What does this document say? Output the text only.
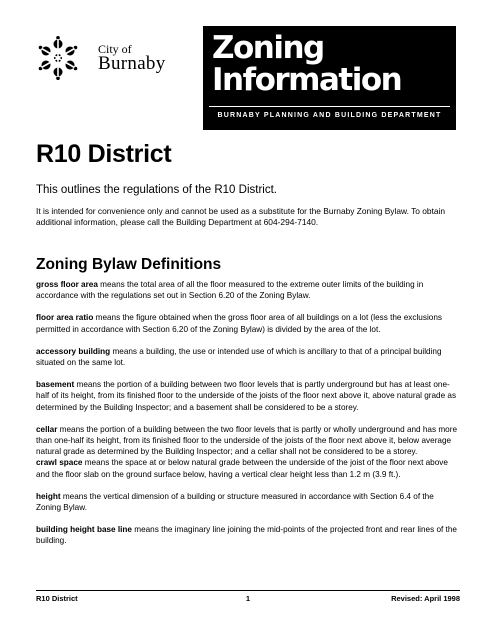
City of
Burnaby Zoning
Information
BURNABY PLANNING AND BUILDING DEPARTMENT
R10 District

This outlines the regulations of the R10 District.

It is intended for convenience only and cannot be used as a substitute for the Burnaby Zoning Bylaw. To obtain additional information, please call the Building Department at 604-294-7140.

Zoning Bylaw Definitions

gross floor area means the total area of all the floor measured to the extreme outer limits of the building in accordance with the regulations set out in Section 6.20 of the Zoning Bylaw.

floor area ratio means the figure obtained when the gross floor area of all buildings on a lot (less the exclusions permitted in accordance with Section 6.20 of the Zoning Bylaw) is divided by the area of the lot.

accessory building means a building, the use or intended use of which is ancillary to that of a principal building situated on the same lot.

basement means the portion of a building between two floor levels that is partly underground but has at least one-half of its height, from its finished floor to the underside of the joists of the floor next above it, above natural grade as determined by the Building Inspector; and a basement shall be considered to be a storey.

cellar means the portion of a building between the two floor levels that is partly or wholly underground and has more than one-half its height, from its finished floor to the underside of the joists of the floor next above it, below average natural grade as determined by the Building Inspector; and a cellar shall not be considered to be a storey.

crawl space means the space at or below natural grade between the underside of the joist of the floor next above and the floor slab on the ground surface below, having a vertical clear height less than 1.2 m (3.9 ft.).

height means the vertical dimension of a building or structure measured in accordance with Section 6.4 of the Zoning Bylaw.

building height base line means the imaginary line joining the mid-points of the projected front and rear lines of the building.

R10 District	1	Revised: April 1998
